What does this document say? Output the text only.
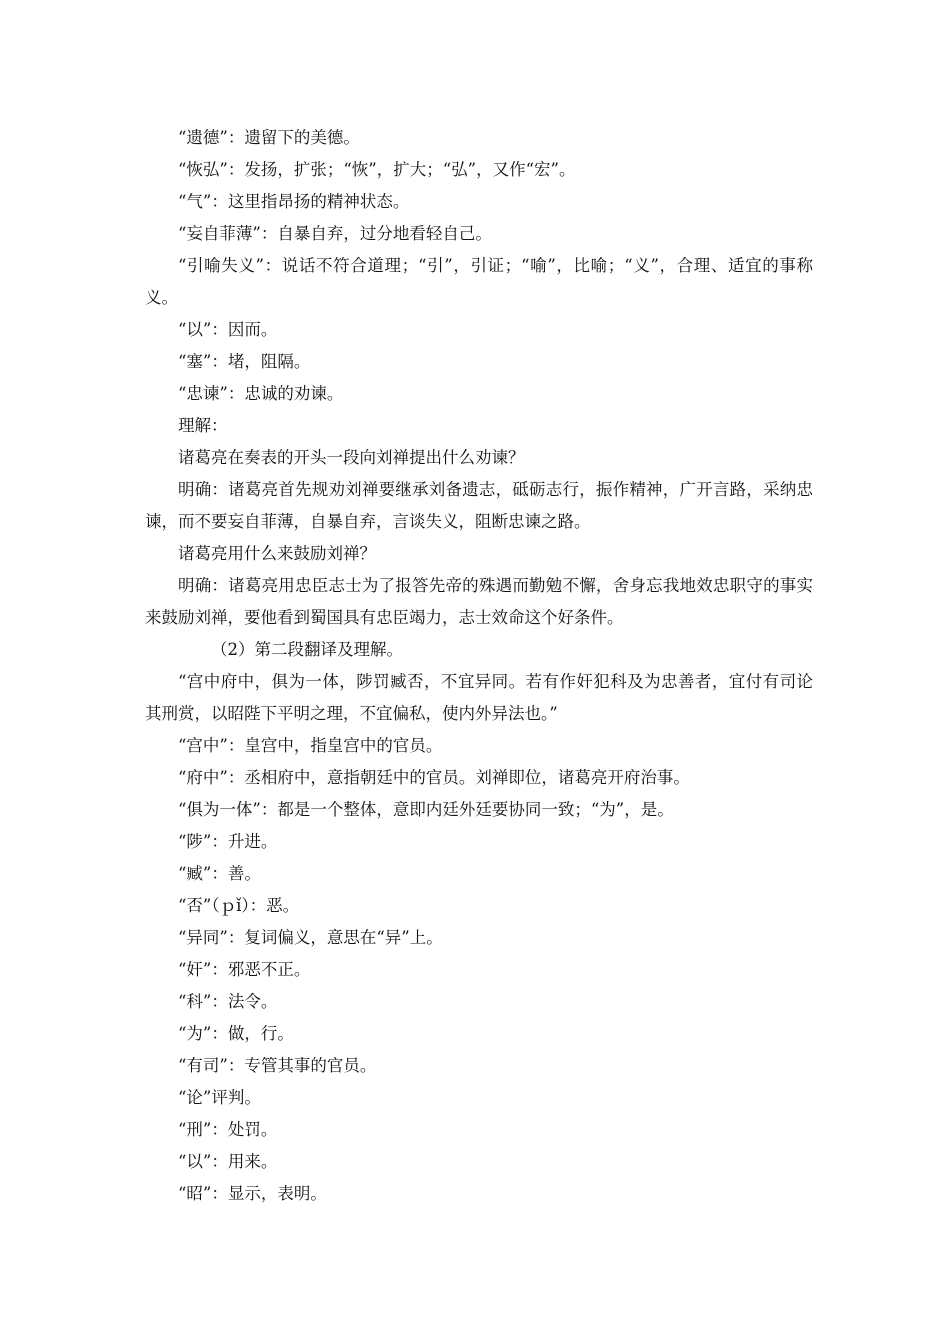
“遗德”：遗留下的美德。

“恢弘”：发扬，扩张；“恢”，扩大；“弘”，又作“宏”。

“气”：这里指昂扬的精神状态。

“妄自菲薄”：自暴自弃，过分地看轻自己。

“引喻失义”：说话不符合道理；“引”，引证；“喻”，比喻；“义”，合理、适宜的事称义。

“以”：因而。

“塞”：堵，阻隔。

“忠谏”：忠诚的劝谏。

理解：

诸葛亮在奏表的开头一段向刘禅提出什么劝谏？

明确：诸葛亮首先规劝刘禅要继承刘备遗志，砥砺志行，振作精神，广开言路，采纳忠谏，而不要妄自菲薄，自暴自弃，言谈失义，阻断忠谏之路。

诸葛亮用什么来鼓励刘禅？

明确：诸葛亮用忠臣志士为了报答先帝的殊遇而勤勉不懈，舍身忘我地效忠职守的事实来鼓励刘禅，要他看到蜀国具有忠臣竭力，志士效命这个好条件。

（2）第二段翻译及理解。

“宫中府中，俱为一体，陟罚臧否，不宜异同。若有作奸犯科及为忠善者，宜付有司论其刑赏，以昭陛下平明之理，不宜偏私，使内外异法也。”

“宫中”：皇宫中，指皇宫中的官员。

“府中”：丞相府中，意指朝廷中的官员。刘禅即位，诸葛亮开府治事。

“俱为一体”：都是一个整体，意即内廷外廷要协同一致；“为”，是。

“陟”：升进。

“臧”：善。

“否”（ｐǐ）：恶。

“异同”：复词偏义，意思在“异”上。

“奸”：邪恶不正。

“科”：法令。

“为”：做，行。

“有司”：专管其事的官员。

“论”评判。

“刑”：处罚。

“以”：用来。

“昭”：显示，表明。
